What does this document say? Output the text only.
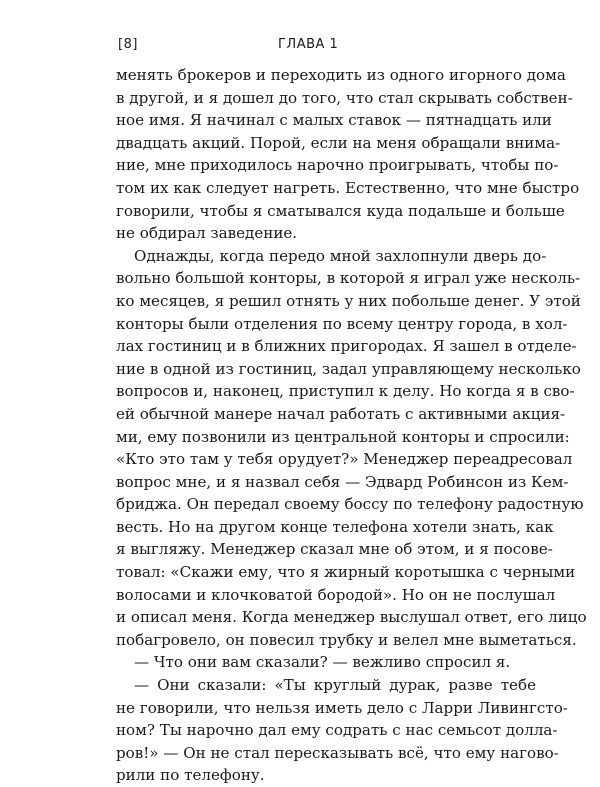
[8]	ГЛАВА 1
менять брокеров и переходить из одного игорного дома
в другой, и я дошел до того, что стал скрывать собствен-
ное имя. Я начинал с малых ставок — пятнадцать или
двадцать акций. Порой, если на меня обращали внима-
ние, мне приходилось нарочно проигрывать, чтобы по-
том их как следует нагреть. Естественно, что мне быстро
говорили, чтобы я сматывался куда подальше и больше
не обдирал заведение.
Однажды, когда передо мной захлопнули дверь до-
вольно большой конторы, в которой я играл уже несколь-
ко месяцев, я решил отнять у них побольше денег. У этой
конторы были отделения по всему центру города, в хол-
лах гостиниц и в ближних пригородах. Я зашел в отделе-
ние в одной из гостиниц, задал управляющему несколько
вопросов и, наконец, приступил к делу. Но когда я в сво-
ей обычной манере начал работать с активными акция-
ми, ему позвонили из центральной конторы и спросили:
«Кто это там у тебя орудует?» Менеджер переадресовал
вопрос мне, и я назвал себя — Эдвард Робинсон из Кем-
бриджа. Он передал своему боссу по телефону радостную
весть. Но на другом конце телефона хотели знать, как
я выгляжу. Менеджер сказал мне об этом, и я посове-
товал: «Скажи ему, что я жирный коротышка с черными
волосами и клочковатой бородой». Но он не послушал
и описал меня. Когда менеджер выслушал ответ, его лицо
побагровело, он повесил трубку и велел мне выметаться.
— Что они вам сказали? — вежливо спросил я.
— Они сказали: «Ты круглый дурак, разве тебе
не говорили, что нельзя иметь дело с Ларри Ливингсто-
ном? Ты нарочно дал ему содрать с нас семьсот долла-
ров!» — Он не стал пересказывать всё, что ему нагово-
рили по телефону.
